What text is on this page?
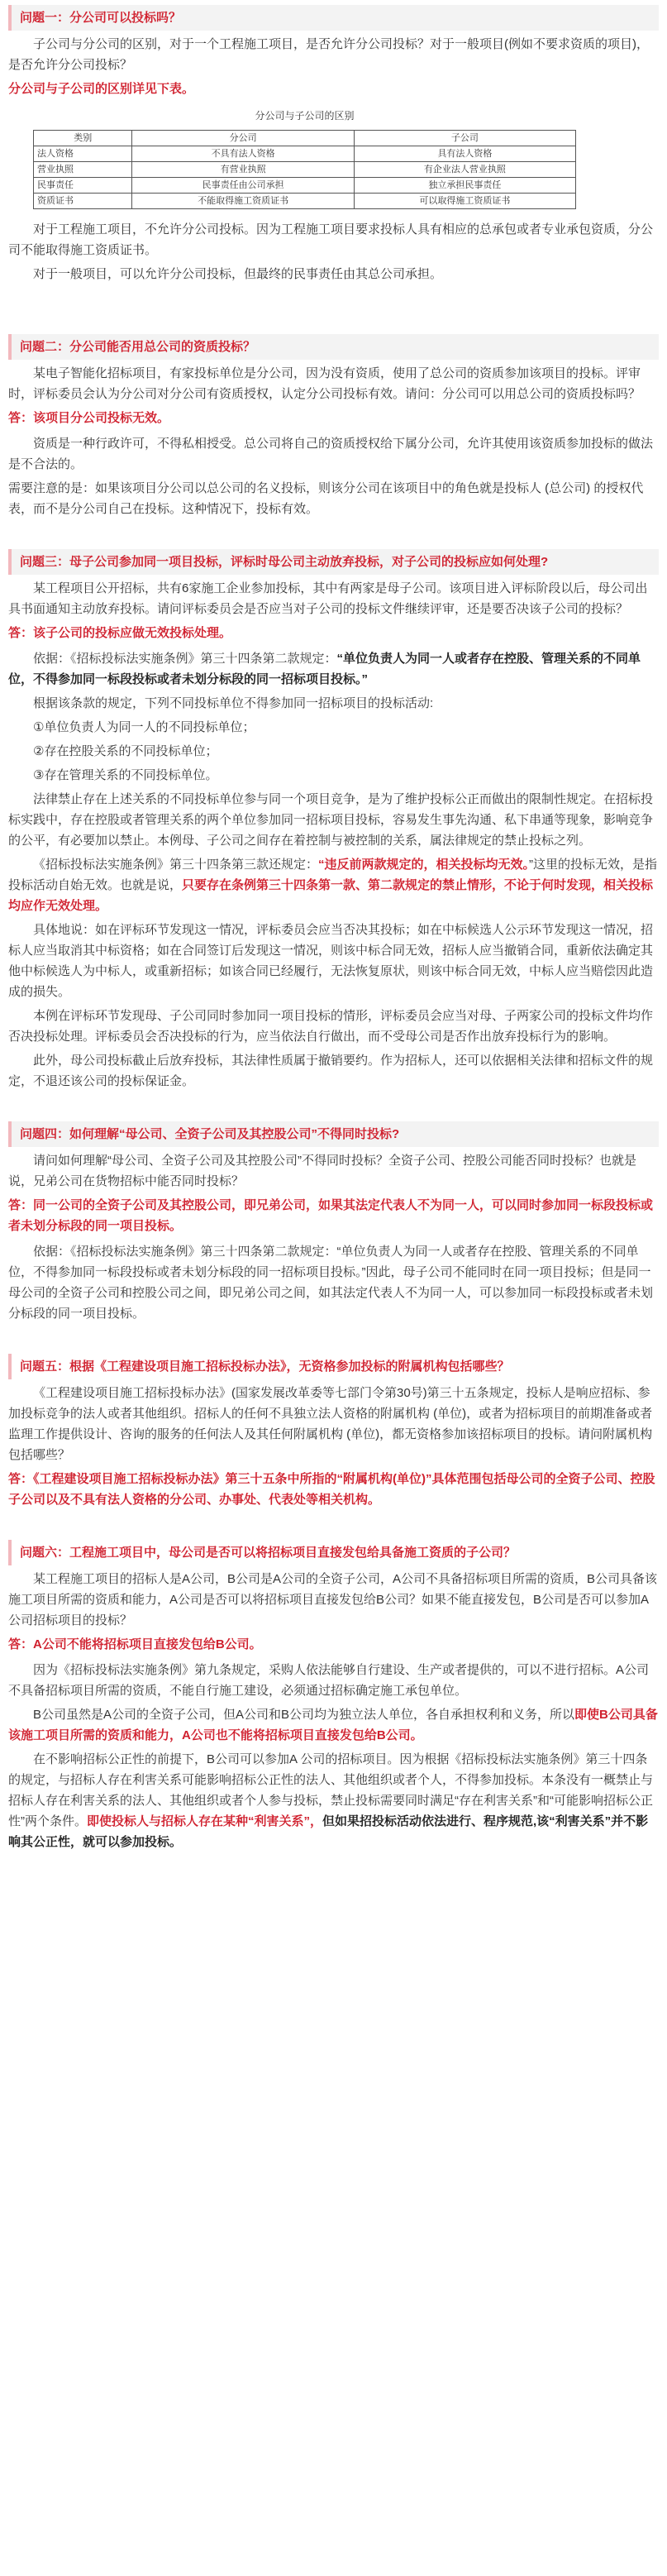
问题一：分公司可以投标吗？

子公司与分公司的区别，对于一个工程施工项目，是否允许分公司投标？对于一般项目(例如不要求资质的项目)，是否允许分公司投标？

分公司与子公司的区别详见下表。

分公司与子公司的区别
类别	分公司	子公司
法人资格	不具有法人资格	具有法人资格
营业执照	有营业执照	有企业法人营业执照
民事责任	民事责任由公司承担	独立承担民事责任
资质证书	不能取得施工资质证书	可以取得施工资质证书

对于工程施工项目，不允许分公司投标。因为工程施工项目要求投标人具有相应的总承包或者专业承包资质，分公司不能取得施工资质证书。

对于一般项目，可以允许分公司投标，但最终的民事责任由其总公司承担。

问题二：分公司能否用总公司的资质投标？

某电子智能化招标项目，有家投标单位是分公司，因为没有资质，使用了总公司的资质参加该项目的投标。评审时，评标委员会认为分公司对分公司有资质授权，认定分公司投标有效。请问：分公司可以用总公司的资质投标吗？

答：该项目分公司投标无效。

资质是一种行政许可，不得私相授受。总公司将自己的资质授权给下属分公司，允许其使用该资质参加投标的做法是不合法的。

需要注意的是：如果该项目分公司以总公司的名义投标，则该分公司在该项目中的角色就是投标人 (总公司) 的授权代表，而不是分公司自己在投标。这种情况下，投标有效。

问题三：母子公司参加同一项目投标，评标时母公司主动放弃投标，对子公司的投标应如何处理?

某工程项目公开招标，共有6家施工企业参加投标，其中有两家是母子公司。该项目进入评标阶段以后，母公司出具书面通知主动放弃投标。请问评标委员会是否应当对子公司的投标文件继续评审，还是要否决该子公司的投标？

答：该子公司的投标应做无效投标处理。

依据：《招标投标法实施条例》第三十四条第二款规定：“单位负责人为同一人或者存在控股、管理关系的不同单位，不得参加同一标段投标或者未划分标段的同一招标项目投标。”

根据该条款的规定，下列不同投标单位不得参加同一招标项目的投标活动:

①单位负责人为同一人的不同投标单位；

②存在控股关系的不同投标单位；

③存在管理关系的不同投标单位。

法律禁止存在上述关系的不同投标单位参与同一个项目竞争，是为了维护投标公正而做出的限制性规定。在招标投标实践中，存在控股或者管理关系的两个单位参加同一招标项目投标，容易发生事先沟通、私下串通等现象，影响竞争的公平，有必要加以禁止。本例母、子公司之间存在着控制与被控制的关系，属法律规定的禁止投标之列。

《招标投标法实施条例》第三十四条第三款还规定：“违反前两款规定的，相关投标均无效。”这里的投标无效，是指投标活动自始无效。也就是说，只要存在条例第三十四条第一款、第二款规定的禁止情形，不论于何时发现，相关投标均应作无效处理。

具体地说：如在评标环节发现这一情况，评标委员会应当否决其投标；如在中标候选人公示环节发现这一情况，招标人应当取消其中标资格；如在合同签订后发现这一情况，则该中标合同无效，招标人应当撤销合同，重新依法确定其他中标候选人为中标人，或重新招标；如该合同已经履行，无法恢复原状，则该中标合同无效，中标人应当赔偿因此造成的损失。

本例在评标环节发现母、子公司同时参加同一项目投标的情形，评标委员会应当对母、子两家公司的投标文件均作否决投标处理。评标委员会否决投标的行为，应当依法自行做出，而不受母公司是否作出放弃投标行为的影响。

此外，母公司投标截止后放弃投标，其法律性质属于撤销要约。作为招标人，还可以依据相关法律和招标文件的规定，不退还该公司的投标保证金。

问题四：如何理解“母公司、全资子公司及其控股公司”不得同时投标?

请问如何理解“母公司、全资子公司及其控股公司”不得同时投标？全资子公司、控股公司能否同时投标？也就是说，兄弟公司在货物招标中能否同时投标？

答：同一公司的全资子公司及其控股公司，即兄弟公司，如果其法定代表人不为同一人，可以同时参加同一标段投标或者未划分标段的同一项目投标。

依据：《招标投标法实施条例》第三十四条第二款规定：“单位负责人为同一人或者存在控股、管理关系的不同单位，不得参加同一标段投标或者未划分标段的同一招标项目投标。”因此，母子公司不能同时在同一项目投标；但是同一母公司的全资子公司和控股公司之间，即兄弟公司之间，如其法定代表人不为同一人，可以参加同一标段投标或者未划分标段的同一项目投标。

问题五：根据《工程建设项目施工招标投标办法》，无资格参加投标的附属机构包括哪些？

《工程建设项目施工招标投标办法》(国家发展改革委等七部门令第30号)第三十五条规定，投标人是响应招标、参加投标竞争的法人或者其他组织。招标人的任何不具独立法人资格的附属机构 (单位)，或者为招标项目的前期准备或者监理工作提供设计、咨询的服务的任何法人及其任何附属机构 (单位)，都无资格参加该招标项目的投标。请问附属机构包括哪些？

答：《工程建设项目施工招标投标办法》第三十五条中所指的“附属机构(单位)”具体范围包括母公司的全资子公司、控股子公司以及不具有法人资格的分公司、办事处、代表处等相关机构。

问题六：工程施工项目中，母公司是否可以将招标项目直接发包给具备施工资质的子公司？

某工程施工项目的招标人是A公司，B公司是A公司的全资子公司，A公司不具备招标项目所需的资质，B公司具备该施工项目所需的资质和能力，A公司是否可以将招标项目直接发包给B公司？如果不能直接发包，B公司是否可以参加A公司招标项目的投标？

答：A公司不能将招标项目直接发包给B公司。

因为《招标投标法实施条例》第九条规定，采购人依法能够自行建设、生产或者提供的，可以不进行招标。A公司不具备招标项目所需的资质，不能自行施工建设，必须通过招标确定施工承包单位。

B公司虽然是A公司的全资子公司，但A公司和B公司均为独立法人单位，各自承担权利和义务，所以即使B公司具备该施工项目所需的资质和能力，A公司也不能将招标项目直接发包给B公司。

在不影响招标公正性的前提下，B公司可以参加A 公司的招标项目。因为根据《招标投标法实施条例》第三十四条的规定，与招标人存在利害关系可能影响招标公正性的法人、其他组织或者个人，不得参加投标。本条没有一概禁止与招标人存在利害关系的法人、其他组织或者个人参与投标，禁止投标需要同时满足“存在利害关系”和“可能影响招标公正性”两个条件。即使投标人与招标人存在某种“利害关系”，但如果招投标活动依法进行、程序规范,该“利害关系”并不影响其公正性，就可以参加投标。
